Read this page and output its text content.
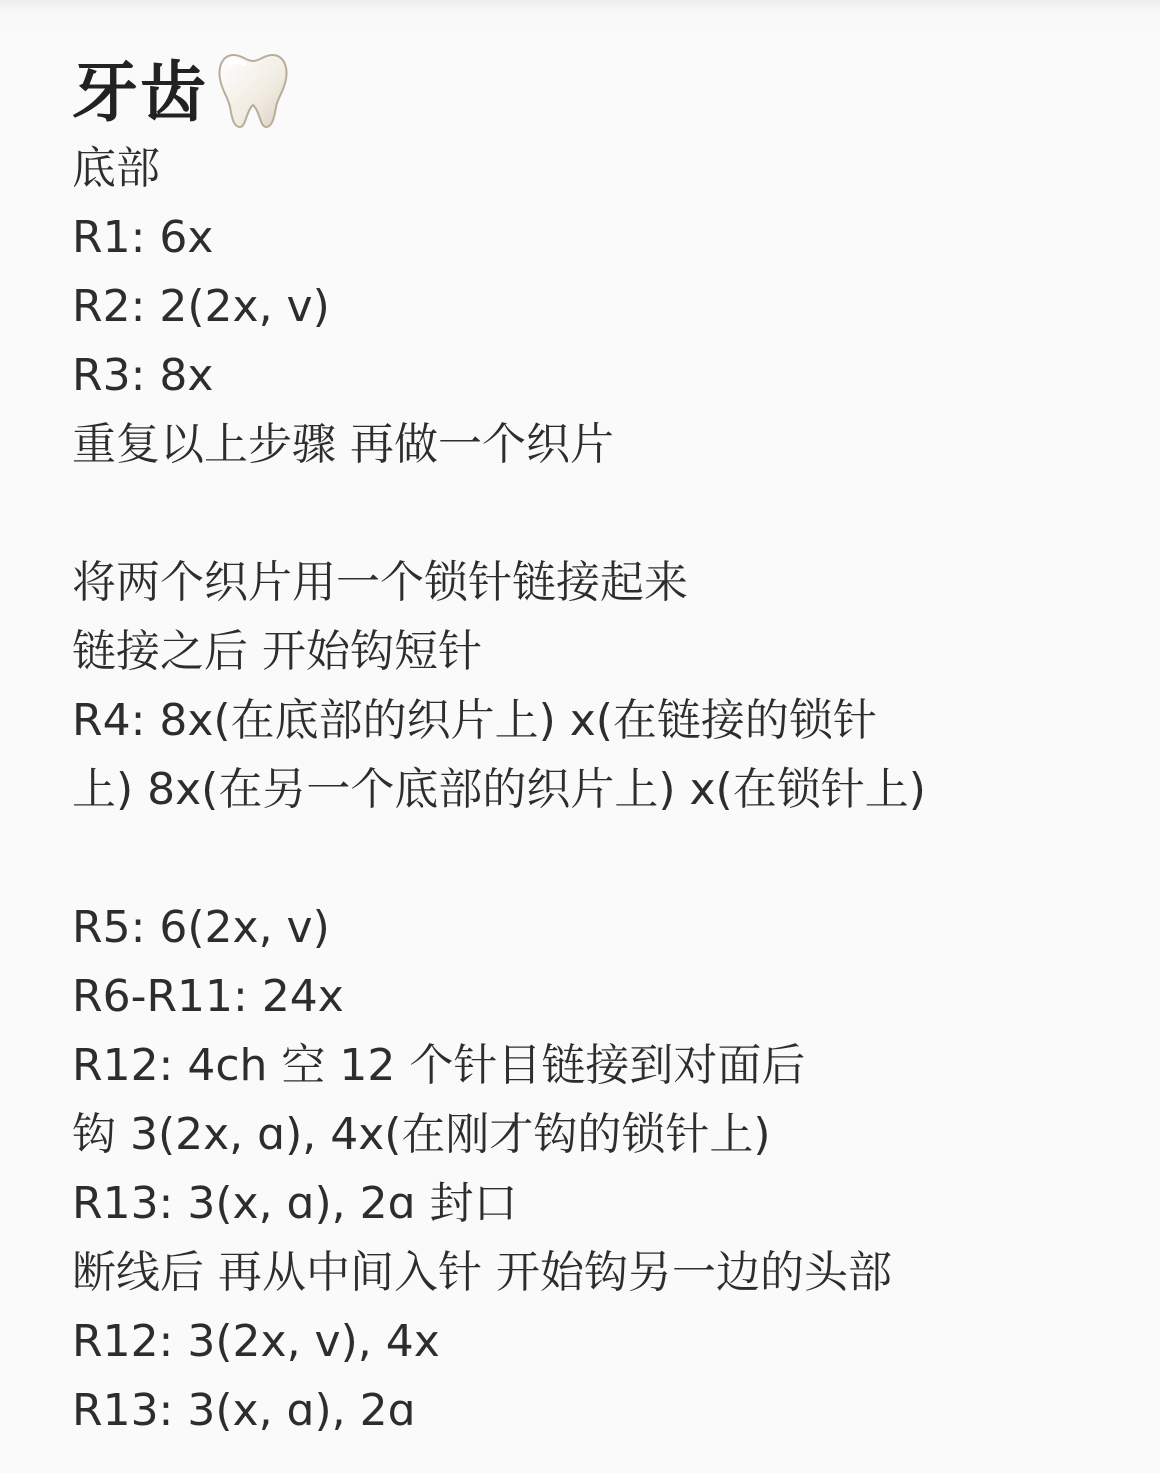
牙齿
底部
R1: 6x
R2: 2(2x, v)
R3: 8x
重复以上步骤 再做一个织片
将两个织片用一个锁针链接起来
链接之后 开始钩短针
R4: 8x(在底部的织片上) x(在链接的锁针
上) 8x(在另一个底部的织片上) x(在锁针上)
R5: 6(2x, v)
R6-R11: 24x
R12: 4ch 空 12 个针目链接到对面后
钩 3(2x, ɑ), 4x(在刚才钩的锁针上)
R13: 3(x, ɑ), 2ɑ 封口
断线后 再从中间入针 开始钩另一边的头部
R12: 3(2x, v), 4x
R13: 3(x, ɑ), 2ɑ
